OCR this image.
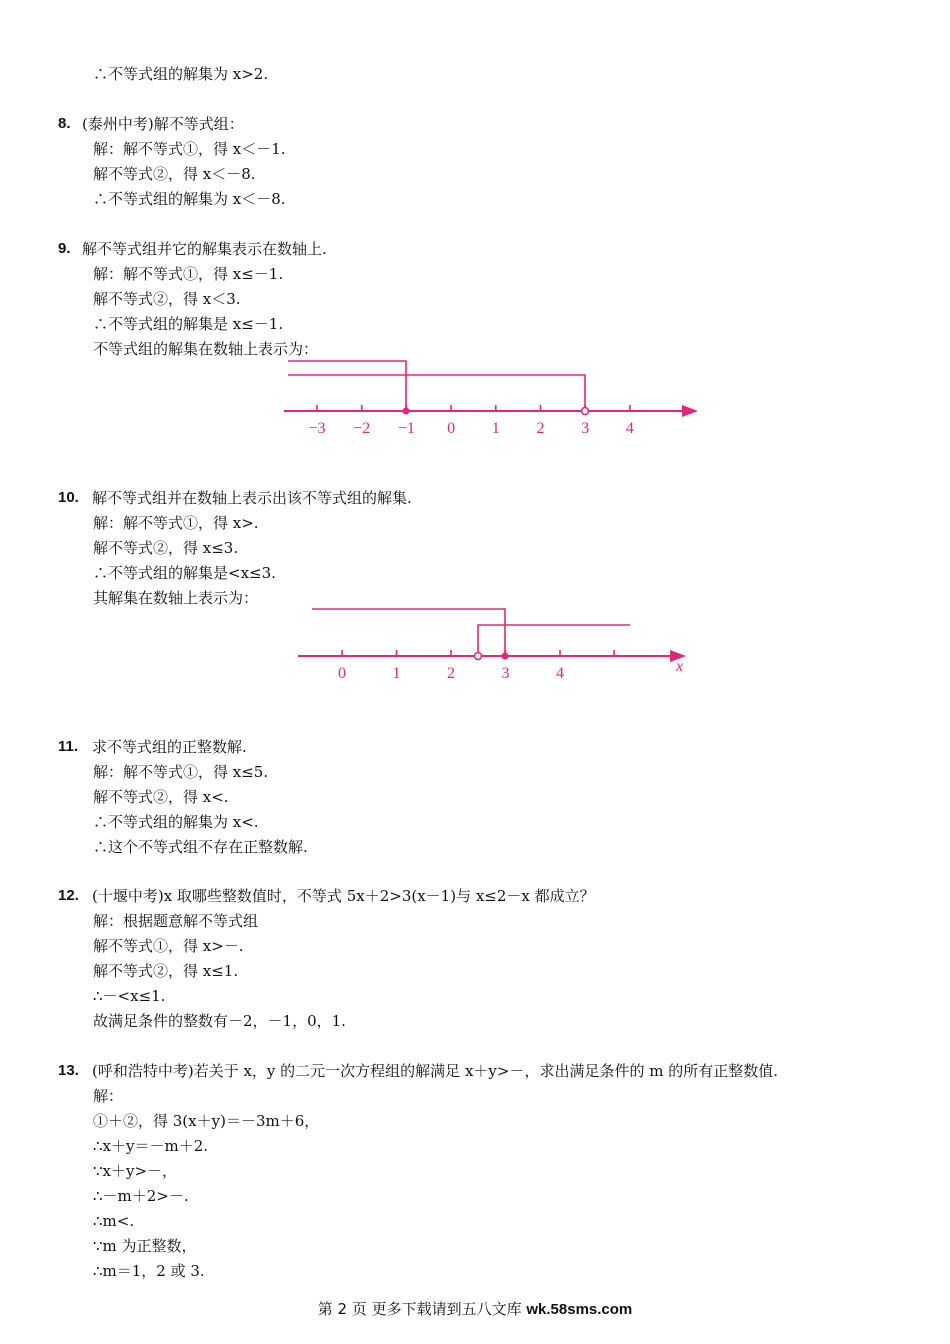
∴不等式组的解集为 x>2.
8. (泰州中考)解不等式组：
解：解不等式①，得 x＜－1.
解不等式②，得 x＜－8.
∴不等式组的解集为 x＜－8.
9. 解不等式组并它的解集表示在数轴上.
解：解不等式①，得 x≤－1.
解不等式②，得 x＜3.
∴不等式组的解集是 x≤－1.
不等式组的解集在数轴上表示为：
10. 解不等式组并在数轴上表示出该不等式组的解集.
解：解不等式①，得 x>.
解不等式②，得 x≤3.
∴不等式组的解集是<x≤3.
其解集在数轴上表示为：
11. 求不等式组的正整数解.
解：解不等式①，得 x≤5.
解不等式②，得 x<.
∴不等式组的解集为 x<.
∴这个不等式组不存在正整数解.
12. (十堰中考)x 取哪些整数值时，不等式 5x＋2>3(x－1)与 x≤2－x 都成立？
解：根据题意解不等式组
解不等式①，得 x>－.
解不等式②，得 x≤1.
∴－<x≤1.
故满足条件的整数有－2，－1，0，1.
13. (呼和浩特中考)若关于 x，y 的二元一次方程组的解满足 x＋y>－，求出满足条件的 m 的所有正整数值.
解：
①＋②，得 3(x＋y)＝－3m＋6，
∴x＋y＝－m＋2.
∵x＋y>－，
∴－m＋2>－.
∴m<.
∵m 为正整数，
∴m＝1，2 或 3.
−3 −2 −1 0 1 2 3 4
0	1	2	3	4	x
第 2 页 更多下载请到五八文库 wk.58sms.com
